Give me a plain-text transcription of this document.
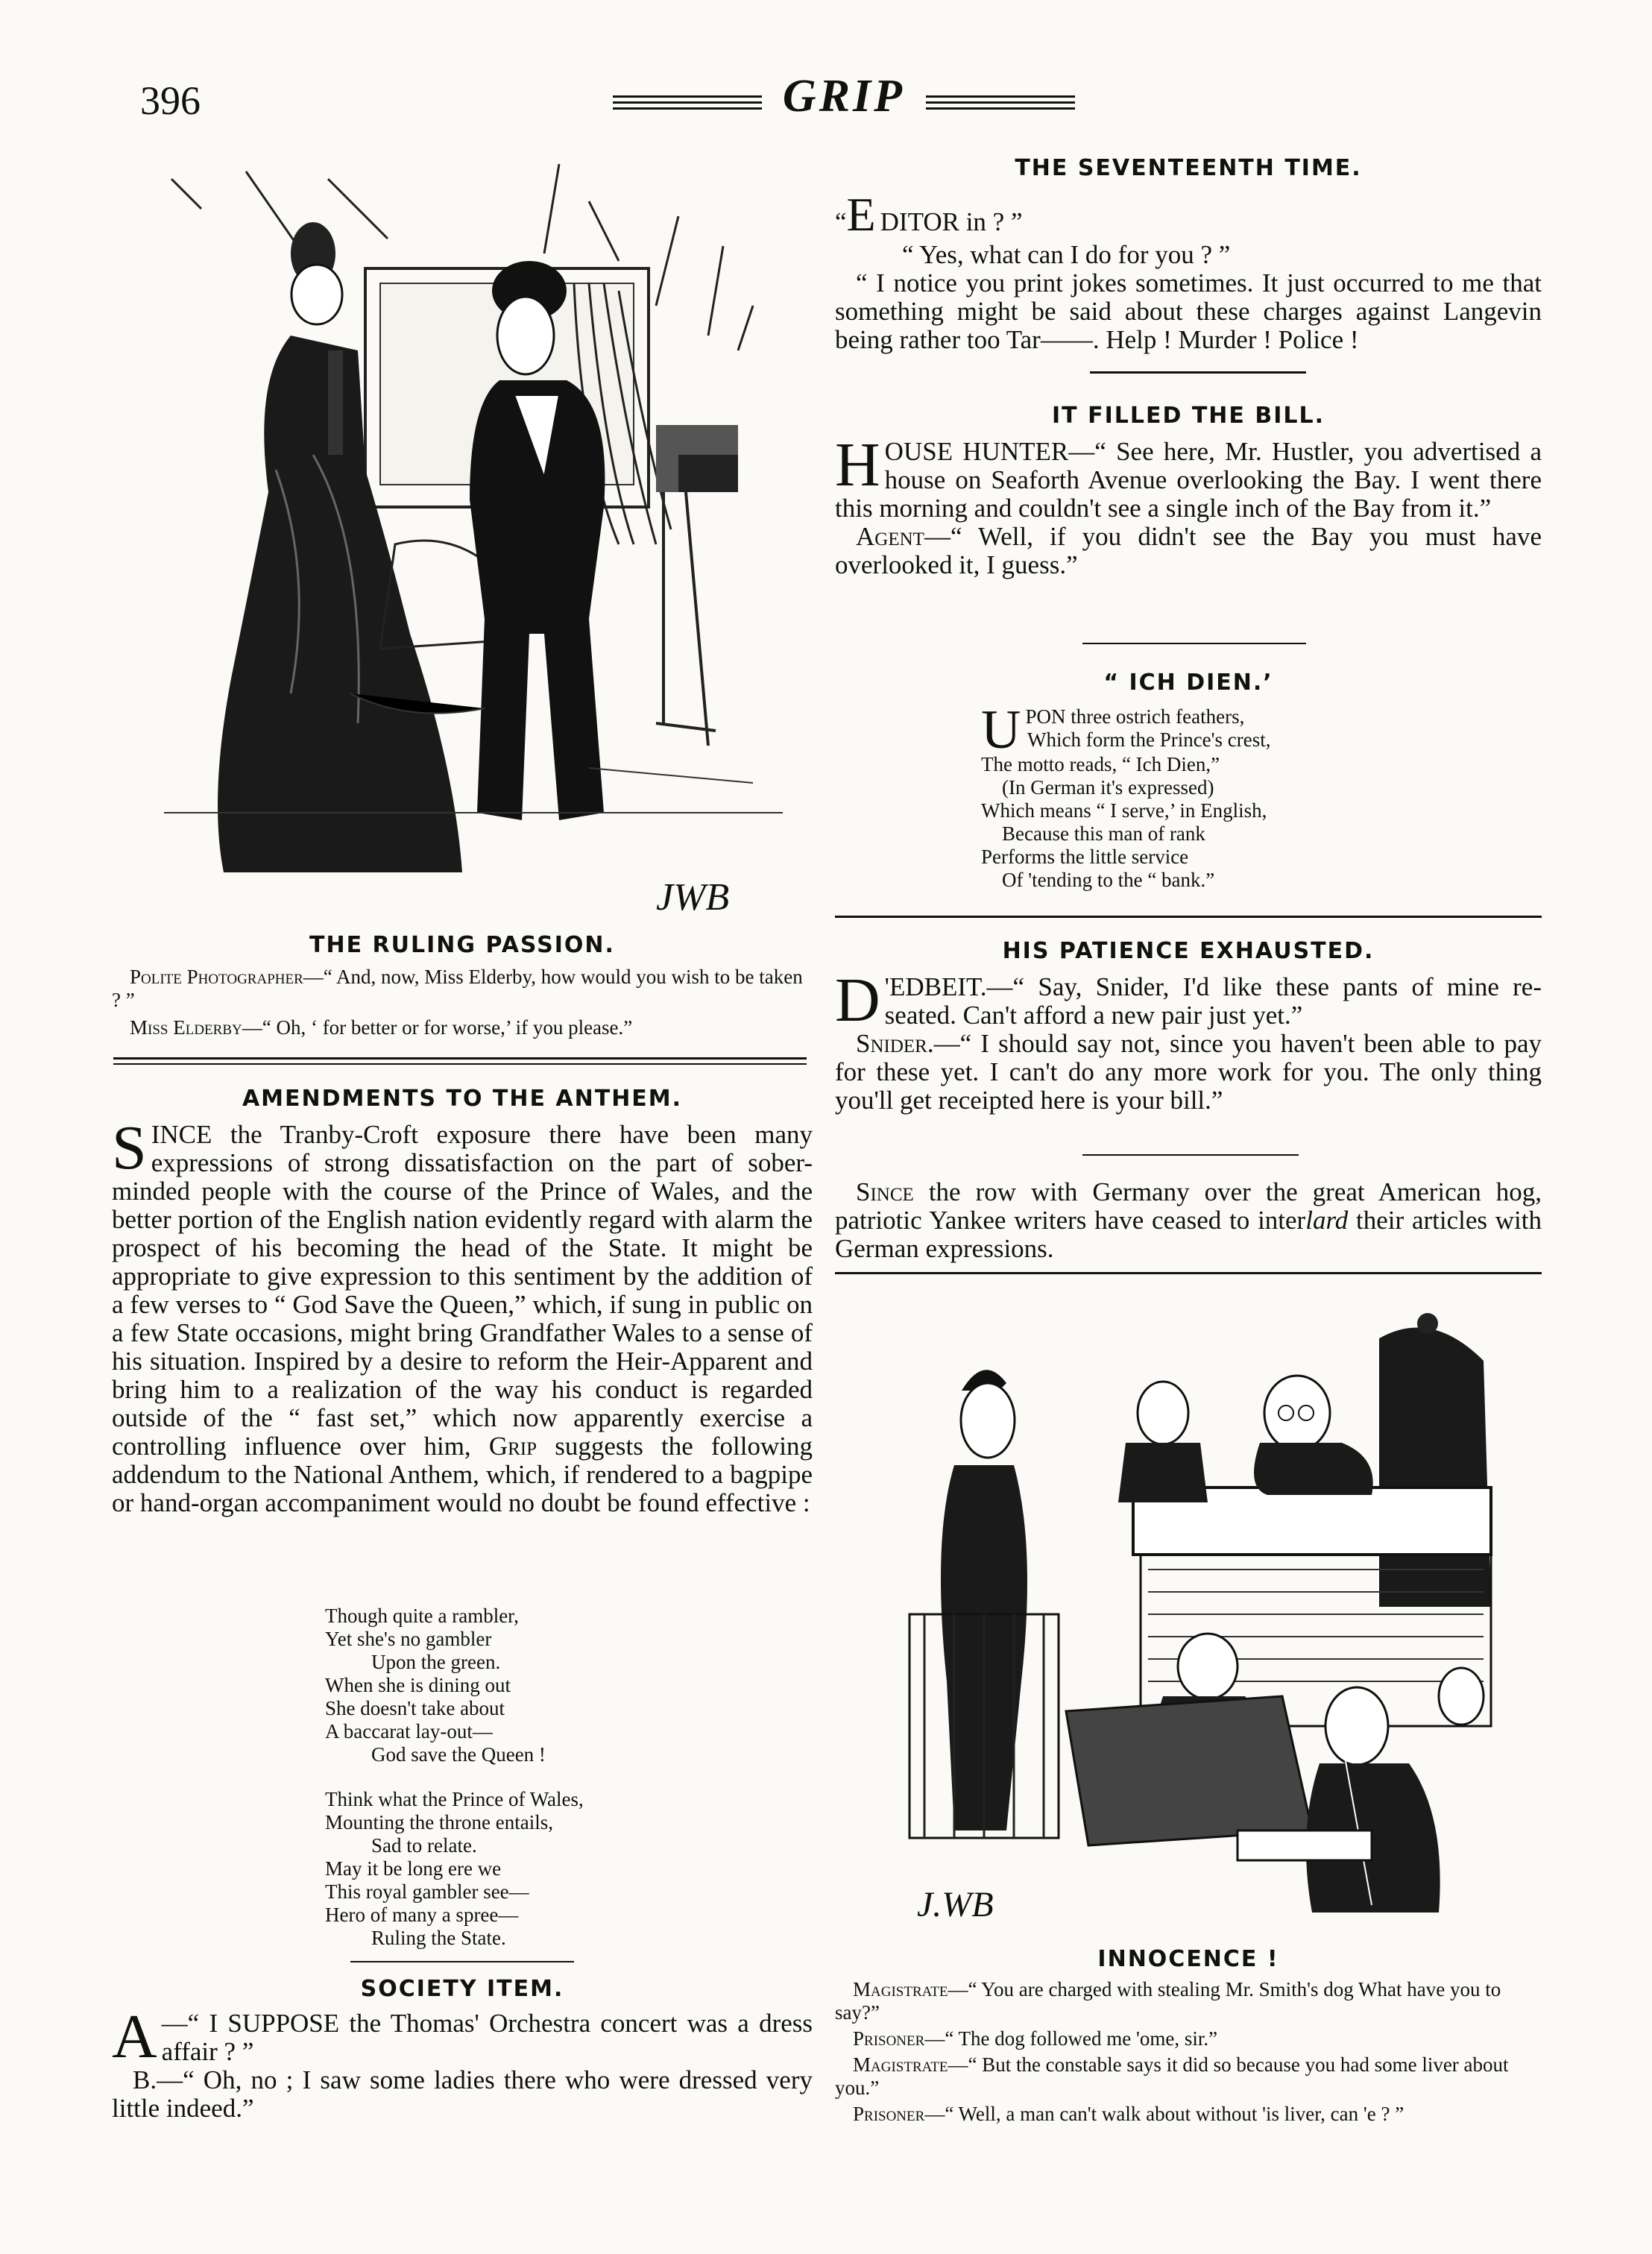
396	GRIP
JWB

THE RULING PASSION.

Polite Photographer—“ And, now, Miss Elderby, how would you wish to be taken ? ”
Miss Elderby—“ Oh, ‘ for better or for worse,’ if you please.”

AMENDMENTS TO THE ANTHEM.

SINCE the Tranby-Croft exposure there have been many expressions of strong dissatisfaction on the part of sober-minded people with the course of the Prince of Wales, and the better portion of the English nation evidently regard with alarm the prospect of his becoming the head of the State. It might be appropriate to give expression to this sentiment by the addition of a few verses to “ God Save the Queen,” which, if sung in public on a few State occasions, might bring Grandfather Wales to a sense of his situation. Inspired by a desire to reform the Heir-Apparent and bring him to a realization of the way his conduct is regarded outside of the “ fast set,” which now apparently exercise a controlling influence over him, Grip suggests the following addendum to the National Anthem, which, if rendered to a bagpipe or hand-organ accompaniment would no doubt be found effective :

Though quite a rambler,
Yet she's no gambler
Upon the green.
When she is dining out
She doesn't take about
A baccarat lay-out—
God save the Queen !
Think what the Prince of Wales,
Mounting the throne entails,
Sad to relate.
May it be long ere we
This royal gambler see—
Hero of many a spree—
Ruling the State.

SOCIETY ITEM.

A —“ I SUPPOSE the Thomas' Orchestra concert was a dress affair ? ”

B.—“ Oh, no ; I saw some ladies there who were dressed very little indeed.”

THE SEVENTEENTH TIME.

“E DITOR in ? ”

“ Yes, what can I do for you ? ”

“ I notice you print jokes sometimes. It just occurred to me that something might be said about these charges against Langevin being rather too Tar——. Help ! Murder ! Police !

IT FILLED THE BILL.

HOUSE HUNTER—“ See here, Mr. Hustler, you advertised a house on Seaforth Avenue overlooking the Bay. I went there this morning and couldn't see a single inch of the Bay from it.”

Agent—“ Well, if you didn't see the Bay you must have overlooked it, I guess.”

“ ICH DIEN.’

U PON three ostrich feathers,
Which form the Prince's crest,
The motto reads, “ Ich Dien,”
(In German it's expressed)
Which means “ I serve,’ in English,
Because this man of rank
Performs the little service
Of 'tending to the “ bank.”

HIS PATIENCE EXHAUSTED.

D 'EDBEIT.—“ Say, Snider, I'd like these pants of mine re-seated. Can't afford a new pair just yet.”

Snider.—“ I should say not, since you haven't been able to pay for these yet. I can't do any more work for you. The only thing you'll get receipted here is your bill.”

Since the row with Germany over the great American hog, patriotic Yankee writers have ceased to interlard their articles with German expressions.

J.WB

INNOCENCE !

Magistrate—“ You are charged with stealing Mr. Smith's dog What have you to say?”
Prisoner—“ The dog followed me 'ome, sir.”
Magistrate—“ But the constable says it did so because you had some liver about you.”
Prisoner—“ Well, a man can't walk about without 'is liver, can 'e ? ”
